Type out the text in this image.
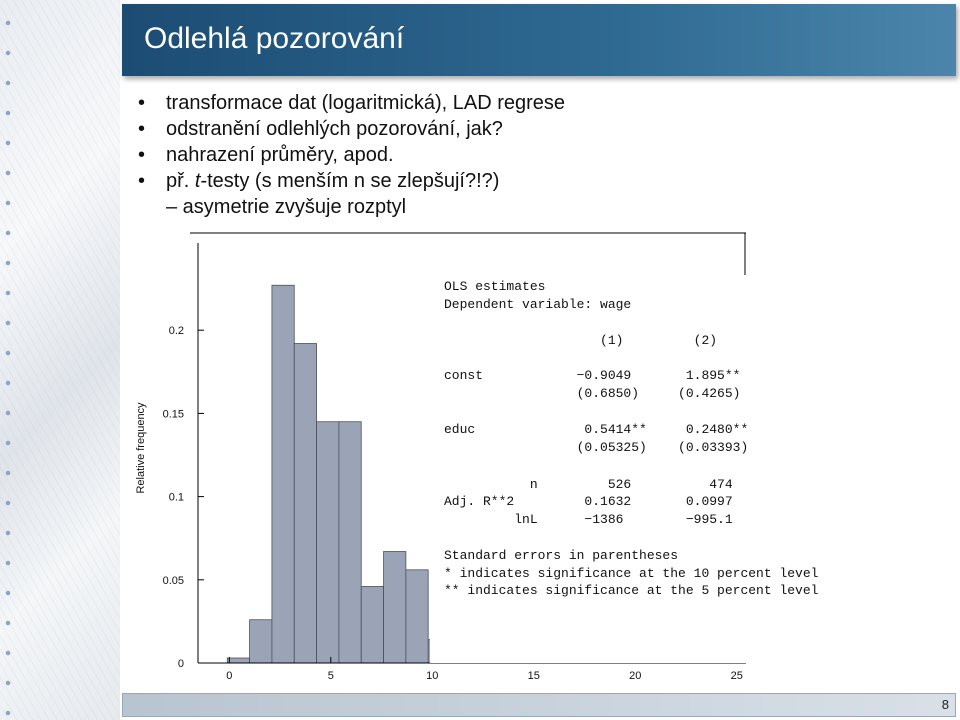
Odlehlá pozorování
• transformace dat (logaritmická), LAD regrese
• odstranění odlehlých pozorování, jak?
• nahrazení průměry, apod.
• př. t-testy (s menším n se zlepšují?!?)
– asymetrie zvyšuje rozptyl
0
0.05
0.1
0.15
0.2
0	5	10	15	20	25
Relative frequency
OLS estimates
Dependent variable: wage
(1)         (2)
const            −0.9049       1.895**
(0.6850)     (0.4265)
educ              0.5414**     0.2480**
(0.05325)    (0.03393)
n         526          474
Adj. R**2         0.1632       0.0997
lnL      −1386        −995.1
Standard errors in parentheses
* indicates significance at the 10 percent level
** indicates significance at the 5 percent level
8
